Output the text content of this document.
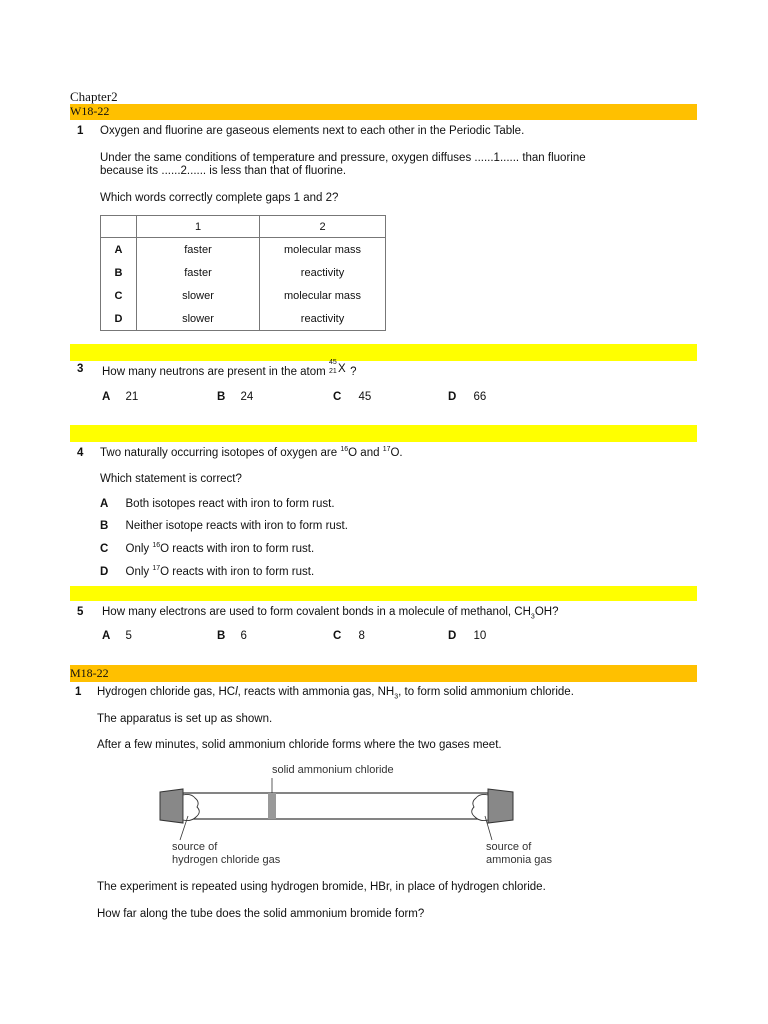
Chapter2
W18-22
1 Oxygen and fluorine are gaseous elements next to each other in the Periodic Table.
Under the same conditions of temperature and pressure, oxygen diffuses ......1...... than fluorine
because its ......2...... is less than that of fluorine.
Which words correctly complete gaps 1 and 2?
	1	2
A	faster	molecular mass
B	faster	reactivity
C	slower	molecular mass
D	slower	reactivity
3 How many neutrons are present in the atom
45
21 X ?
A 21	B 24	C 45	D 66
4 Two naturally occurring isotopes of oxygen are $^{16}$O and $^{17}$O.
Which statement is correct?
A Both isotopes react with iron to form rust.
B Neither isotope reacts with iron to form rust.
C Only $^{16}$O reacts with iron to form rust.
D Only $^{17}$O reacts with iron to form rust.
5 How many electrons are used to form covalent bonds in a molecule of methanol, $CH_3OH$?
A 5	B 6	C 8	D 10
M18-22
1 Hydrogen chloride gas, HCl, reacts with ammonia gas, $NH_3$, to form solid ammonium chloride.
The apparatus is set up as shown.
After a few minutes, solid ammonium chloride forms where the two gases meet.
solid ammonium chloride
source of
hydrogen chloride gas
source of
ammonia gas
The experiment is repeated using hydrogen bromide, HBr, in place of hydrogen chloride.
How far along the tube does the solid ammonium bromide form?
